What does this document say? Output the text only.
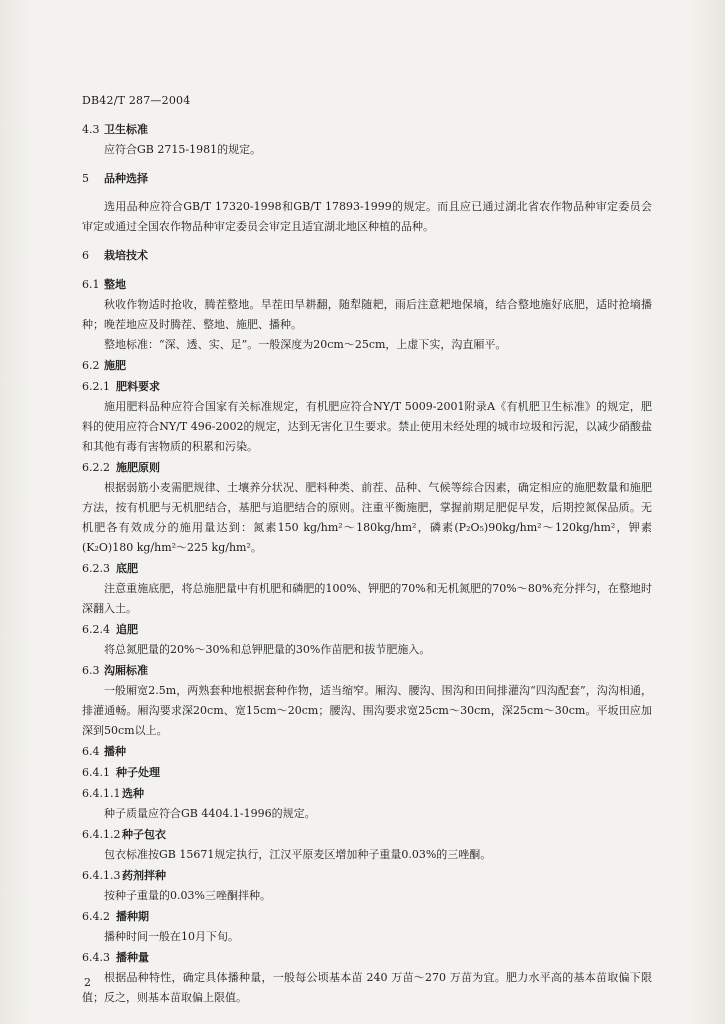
DB42/T 287—2004
4.3 卫生标准

应符合GB 2715-1981的规定。

5 品种选择

选用品种应符合GB/T 17320-1998和GB/T 17893-1999的规定。而且应已通过湖北省农作物品种审定委员会审定或通过全国农作物品种审定委员会审定且适宜湖北地区种植的品种。

6 栽培技术
6.1 整地

秋收作物适时抢收，腾茬整地。旱茬田旱耕翻，随犁随耙，雨后注意耙地保墒，结合整地施好底肥，适时抢墒播种；晚茬地应及时腾茬、整地、施肥、播种。

整地标准：“深、透、实、足”。一般深度为20cm～25cm，上虚下实，沟直厢平。

6.2 施肥
6.2.1 肥料要求

施用肥料品种应符合国家有关标准规定，有机肥应符合NY/T 5009-2001附录A《有机肥卫生标准》的规定，肥料的使用应符合NY/T 496-2002的规定，达到无害化卫生要求。禁止使用未经处理的城市垃圾和污泥，以减少硝酸盐和其他有毒有害物质的积累和污染。

6.2.2 施肥原则

根据弱筋小麦需肥规律、土壤养分状况、肥料种类、前茬、品种、气候等综合因素，确定相应的施肥数量和施肥方法，按有机肥与无机肥结合，基肥与追肥结合的原则。注重平衡施肥，掌握前期足肥促早发，后期控氮保品质。无机肥各有效成分的施用量达到：氮素150 kg/hm²～180kg/hm²，磷素(P₂O₅)90kg/hm²～120kg/hm²，钾素(K₂O)180 kg/hm²～225 kg/hm²。

6.2.3 底肥

注意重施底肥，将总施肥量中有机肥和磷肥的100%、钾肥的70%和无机氮肥的70%～80%充分拌匀，在整地时深翻入土。

6.2.4 追肥

将总氮肥量的20%～30%和总钾肥量的30%作苗肥和拔节肥施入。

6.3 沟厢标准

一般厢宽2.5m，两熟套种地根据套种作物，适当缩窄。厢沟、腰沟、围沟和田间排灌沟“四沟配套”，沟沟相通，排灌通畅。厢沟要求深20cm、宽15cm～20cm；腰沟、围沟要求宽25cm～30cm，深25cm～30cm。平坂田应加深到50cm以上。

6.4 播种
6.4.1 种子处理
6.4.1.1 选种

种子质量应符合GB 4404.1-1996的规定。

6.4.1.2 种子包衣

包衣标准按GB 15671规定执行，江汉平原麦区增加种子重量0.03%的三唑酮。

6.4.1.3 药剂拌种

按种子重量的0.03%三唑酮拌种。

6.4.2 播种期

播种时间一般在10月下旬。

6.4.3 播种量

根据品种特性，确定具体播种量，一般每公顷基本苗 240 万苗～270 万苗为宜。肥力水平高的基本苗取偏下限值；反之，则基本苗取偏上限值。

2
